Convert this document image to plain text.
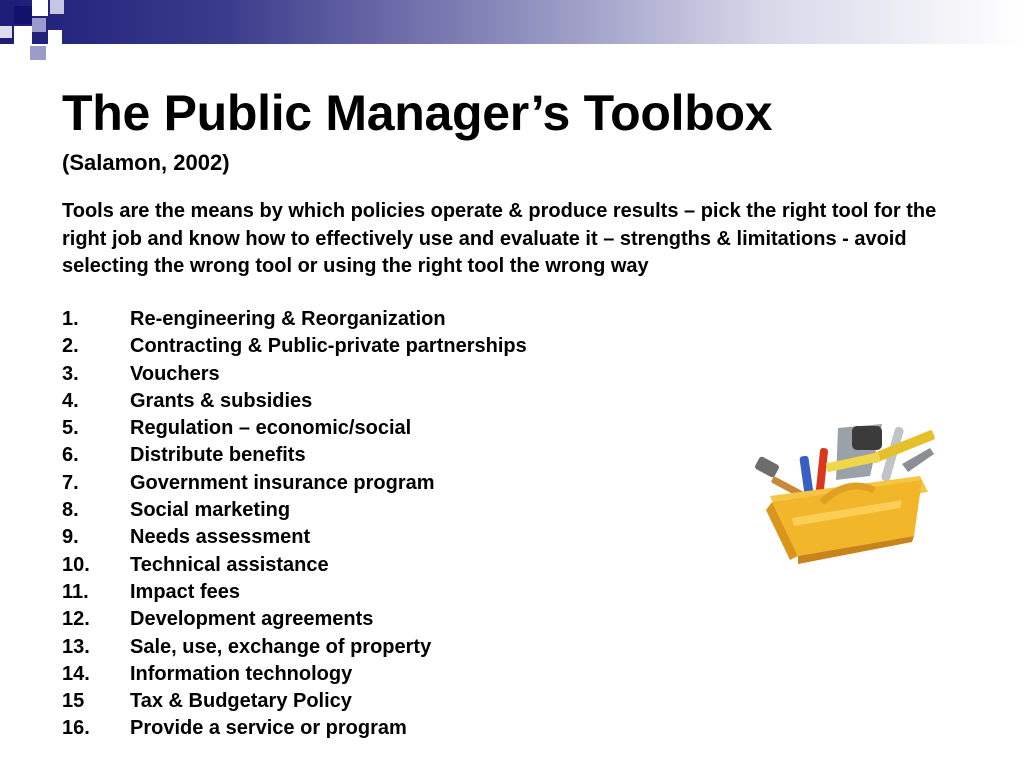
The Public Manager’s Toolbox

(Salamon, 2002)

Tools are the means by which policies operate & produce results – pick the right tool for the right job and know how to effectively use and evaluate it – strengths & limitations - avoid selecting the wrong tool or using the right tool the wrong way

1.	Re-engineering & Reorganization
2.	Contracting & Public-private partnerships
3.	Vouchers
4.	Grants & subsidies
5.	Regulation – economic/social
6.	Distribute benefits
7.	Government insurance program
8.	Social marketing
9.	Needs assessment
10.	Technical assistance
11.	Impact fees
12.	Development agreements
13.	Sale, use, exchange of property
14.	Information technology
15	Tax & Budgetary Policy
16.	Provide a service or program
